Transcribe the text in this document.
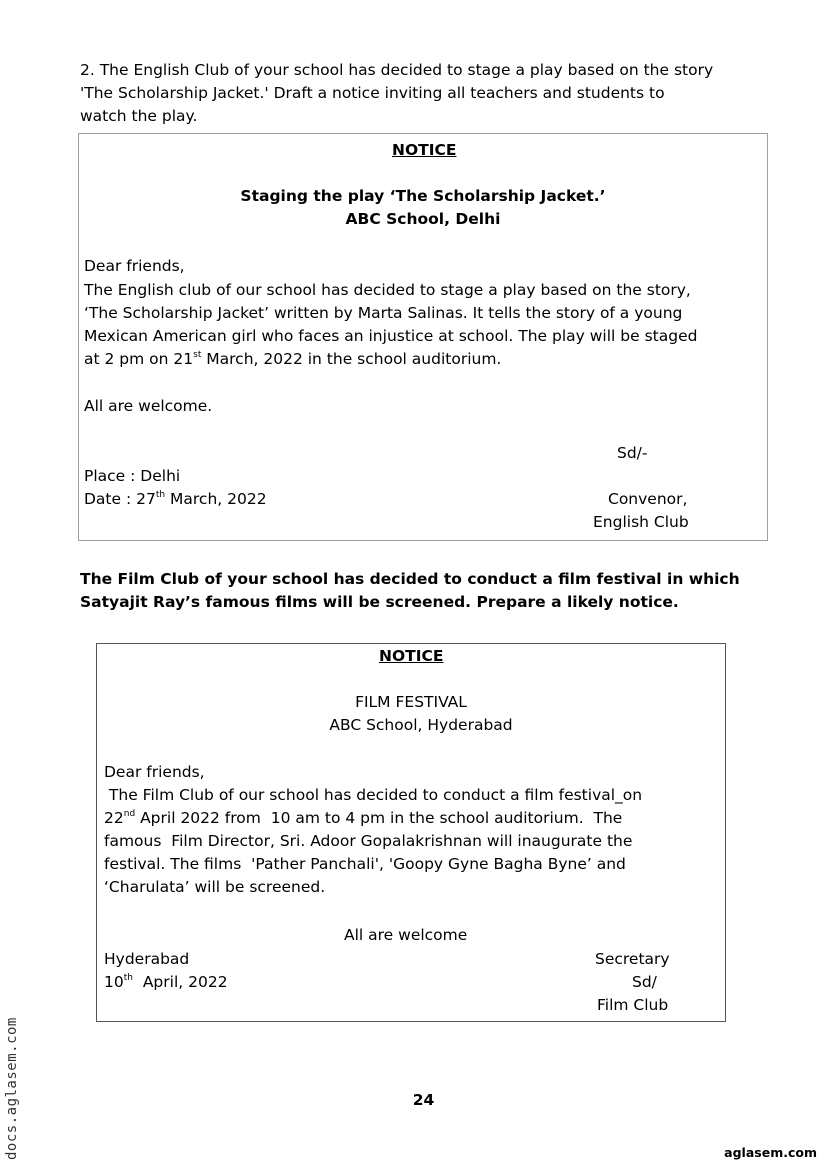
2. The English Club of your school has decided to stage a play based on the story
'The Scholarship Jacket.' Draft a notice inviting all teachers and students to
watch the play.
NOTICE
Staging the play ‘The Scholarship Jacket.’
ABC School, Delhi
Dear friends,
The English club of our school has decided to stage a play based on the story,
‘The Scholarship Jacket’ written by Marta Salinas. It tells the story of a young
Mexican American girl who faces an injustice at school. The play will be staged
at 2 pm on 21st March, 2022 in the school auditorium.
All are welcome.
Sd/-
Place : Delhi
Date : 27th March, 2022	Convenor,
English Club
The Film Club of your school has decided to conduct a film festival in which
Satyajit Ray’s famous films will be screened. Prepare a likely notice.
NOTICE
FILM FESTIVAL
ABC School, Hyderabad
Dear friends,
The Film Club of our school has decided to conduct a film festival_on
22nd April 2022 from  10 am to 4 pm in the school auditorium.  The
famous  Film Director, Sri. Adoor Gopalakrishnan will inaugurate the
festival. The films  'Pather Panchali', 'Goopy Gyne Bagha Byne’ and
‘Charulata’ will be screened.
All are welcome
Hyderabad	Secretary
10th  April, 2022	Sd/
Film Club
24
docs.aglasem.com	aglasem.com
